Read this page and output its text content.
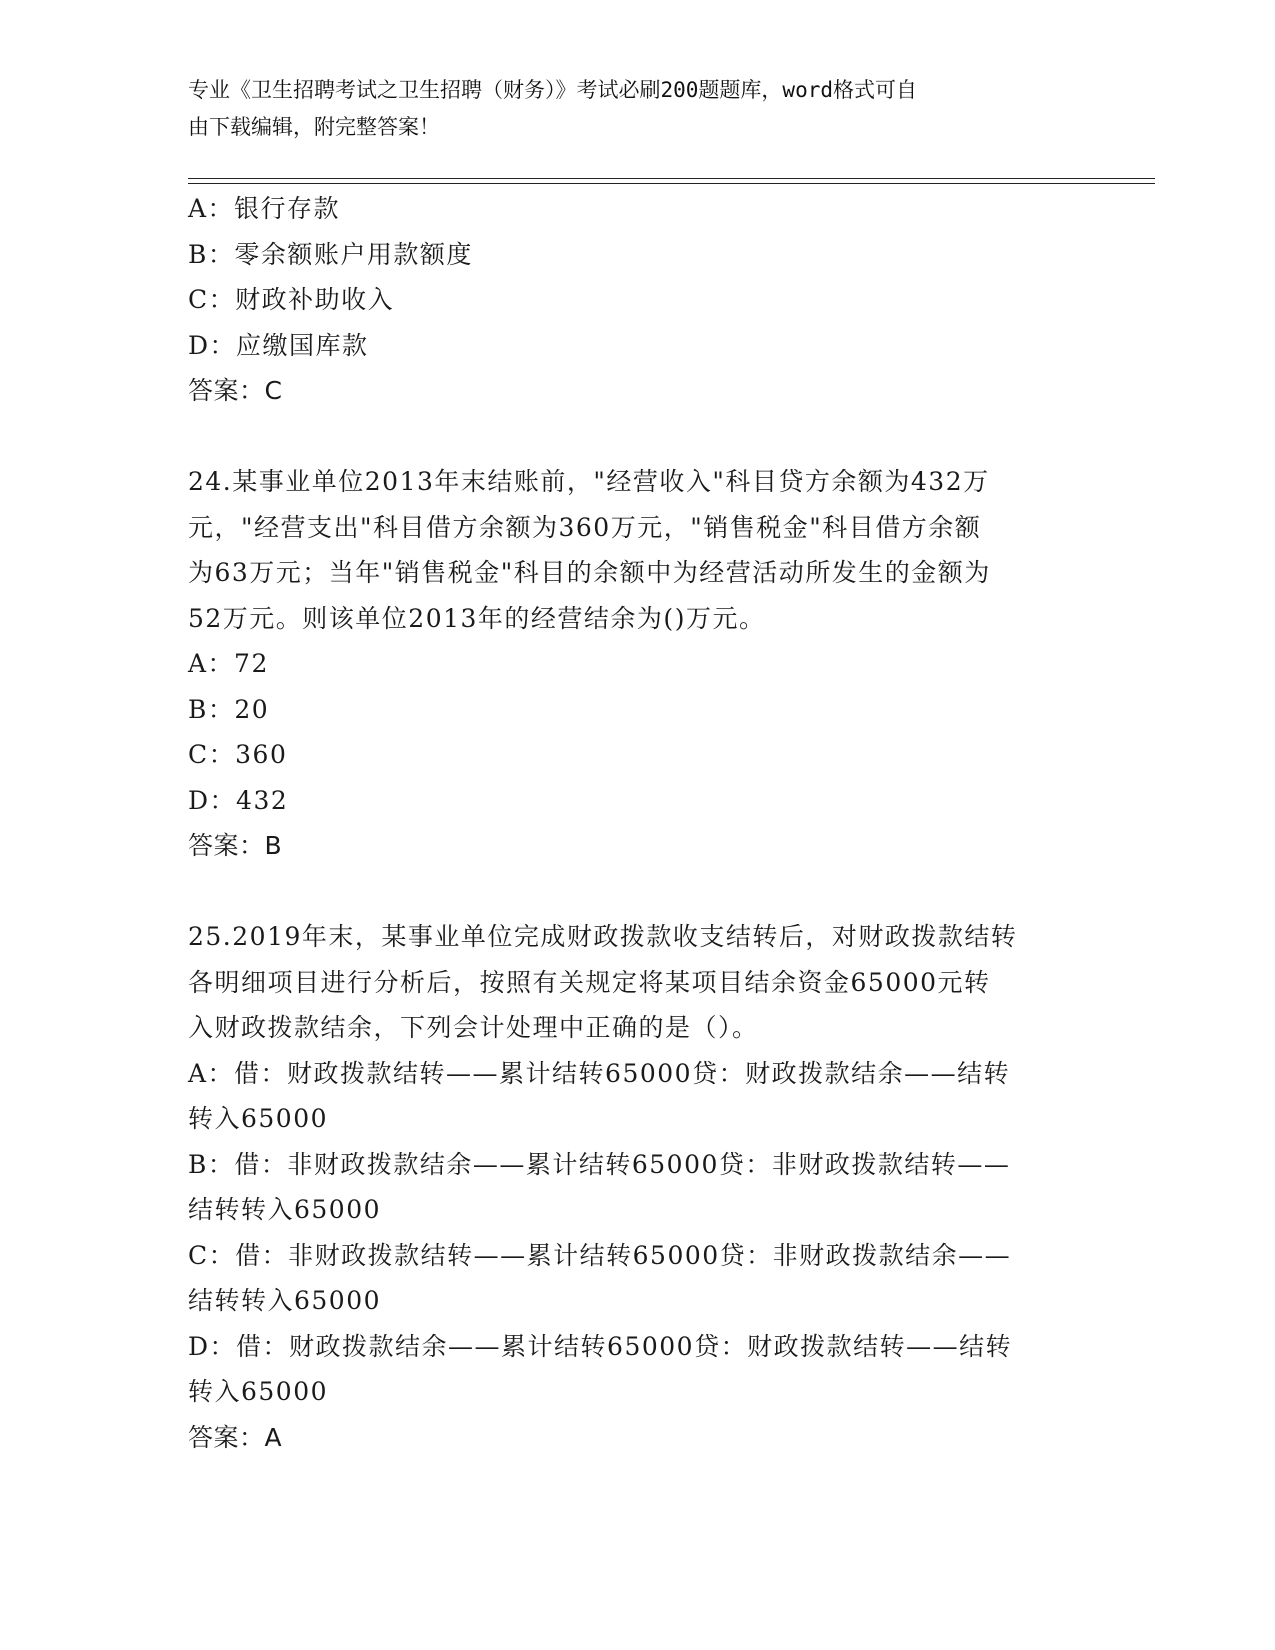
专业《卫生招聘考试之卫生招聘（财务）》考试必刷200题题库，word格式可自
由下载编辑，附完整答案！
A：银行存款
B：零余额账户用款额度
C：财政补助收入
D：应缴国库款
答案：C
24.某事业单位2013年末结账前，"经营收入"科目贷方余额为432万
元，"经营支出"科目借方余额为360万元，"销售税金"科目借方余额
为63万元；当年"销售税金"科目的余额中为经营活动所发生的金额为
52万元。则该单位2013年的经营结余为()万元。
A：72
B：20
C：360
D：432
答案：B
25.2019年末，某事业单位完成财政拨款收支结转后，对财政拨款结转
各明细项目进行分析后，按照有关规定将某项目结余资金65000元转
入财政拨款结余，下列会计处理中正确的是（）。
A：借：财政拨款结转——累计结转65000贷：财政拨款结余——结转
转入65000
B：借：非财政拨款结余——累计结转65000贷：非财政拨款结转——
结转转入65000
C：借：非财政拨款结转——累计结转65000贷：非财政拨款结余——
结转转入65000
D：借：财政拨款结余——累计结转65000贷：财政拨款结转——结转
转入65000
答案：A
